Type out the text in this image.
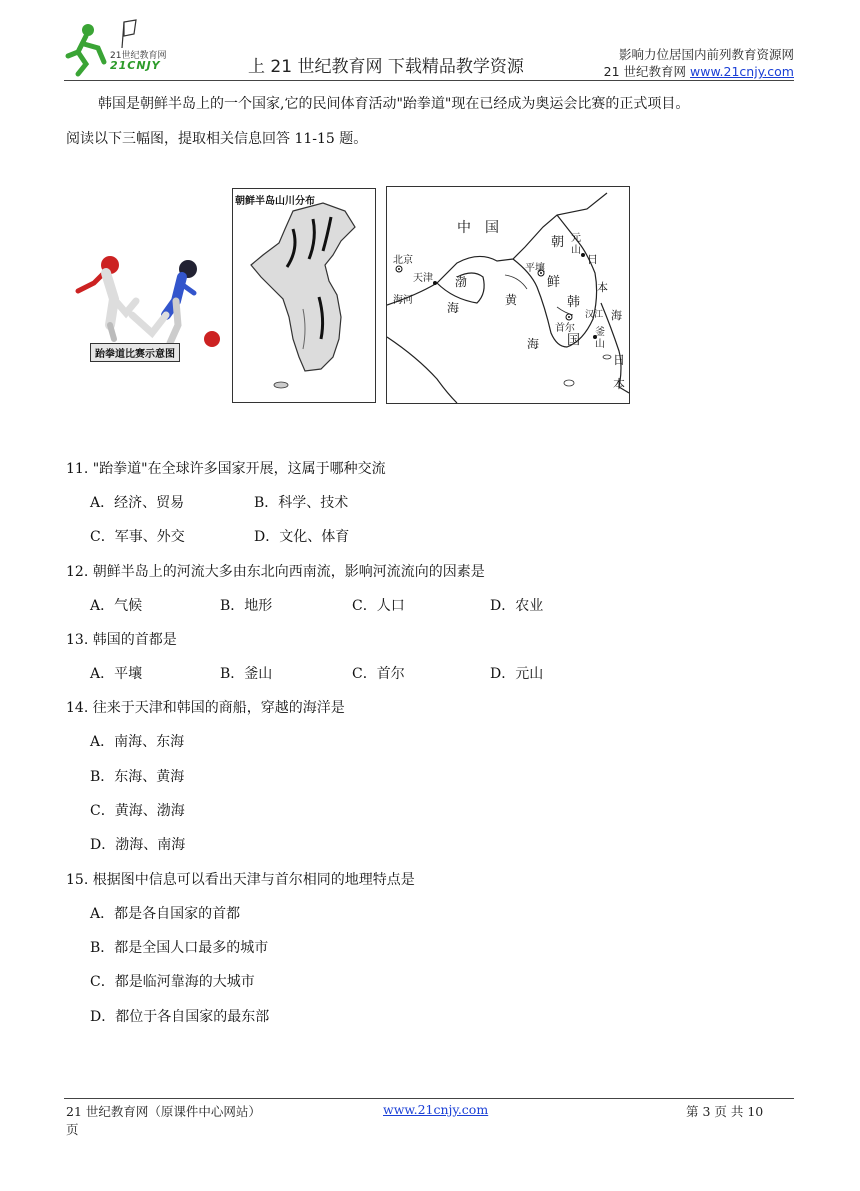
21世纪教育网
21CNJY	上 21 世纪教育网 下载精品教学资源
影响力位居国内前列教育资源网
21 世纪教育网 www.21cnjy.com
韩国是朝鲜半岛上的一个国家,它的民间体育活动"跆拳道"现在已经成为奥运会比赛的正式项目。
阅读以下三幅图，提取相关信息回答 11-15 题。
跆拳道比赛示意图
朝鲜半岛山川分布
中　国
北京
天津
海河
渤
海
黄
海
平壤
朝
鲜
元山
韩
国
首尔
汉江
釜山
日
本
海
日
本
11. "跆拳道"在全球许多国家开展，这属于哪种交流
A．经济、贸易	B．科学、技术
C．军事、外交	D．文化、体育
12. 朝鲜半岛上的河流大多由东北向西南流，影响河流流向的因素是
A．气候	B．地形	C．人口	D．农业
13. 韩国的首都是
A．平壤	B．釜山	C．首尔	D．元山
14. 往来于天津和韩国的商船，穿越的海洋是
A．南海、东海
B．东海、黄海
C．黄海、渤海
D．渤海、南海
15. 根据图中信息可以看出天津与首尔相同的地理特点是
A．都是各自国家的首都
B．都是全国人口最多的城市
C．都是临河靠海的大城市
D．都位于各自国家的最东部
21 世纪教育网（原课件中心网站）	www.21cnjy.com	第 3 页 共 10
页
